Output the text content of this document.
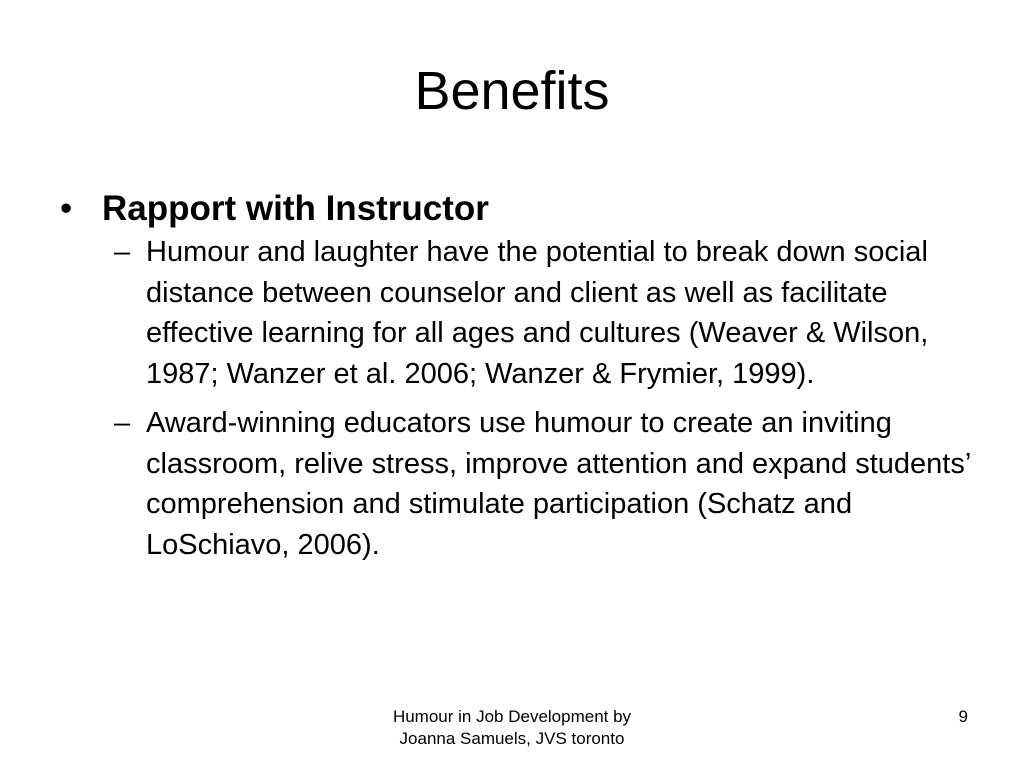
Benefits
• Rapport with Instructor
– Humour and laughter have the potential to break down social distance between counselor and client as well as facilitate effective learning for all ages and cultures (Weaver & Wilson, 1987; Wanzer et al. 2006; Wanzer & Frymier, 1999).
– Award-winning educators use humour to create an inviting classroom, relive stress, improve attention and expand students’ comprehension and stimulate participation (Schatz and LoSchiavo, 2006).
Humour in Job Development by
Joanna Samuels, JVS toronto
9
